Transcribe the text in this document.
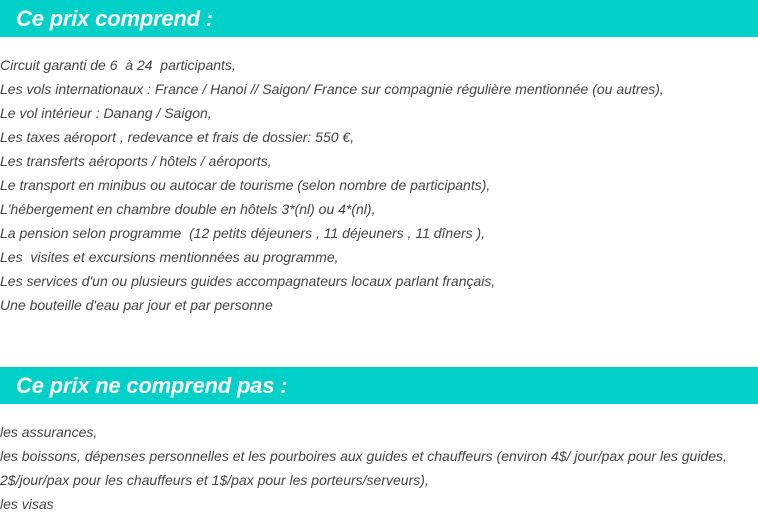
Ce prix comprend :
Circuit garanti de 6  à 24  participants,
Les vols internationaux : France / Hanoi // Saigon/ France sur compagnie régulière mentionnée (ou autres),
Le vol intérieur : Danang / Saigon,
Les taxes aéroport , redevance et frais de dossier: 550 €,
Les transferts aéroports / hôtels / aéroports,
Le transport en minibus ou autocar de tourisme (selon nombre de participants),
L'hébergement en chambre double en hôtels 3*(nl) ou 4*(nl),
La pension selon programme  (12 petits déjeuners , 11 déjeuners , 11 dîners ),
Les  visites et excursions mentionnées au programme,
Les services d'un ou plusieurs guides accompagnateurs locaux parlant français,
Une bouteille d'eau par jour et par personne
Ce prix ne comprend pas :
les assurances,
les boissons, dépenses personnelles et les pourboires aux guides et chauffeurs (environ 4$/ jour/pax pour les guides,
2$/jour/pax pour les chauffeurs et 1$/pax pour les porteurs/serveurs),
les visas
